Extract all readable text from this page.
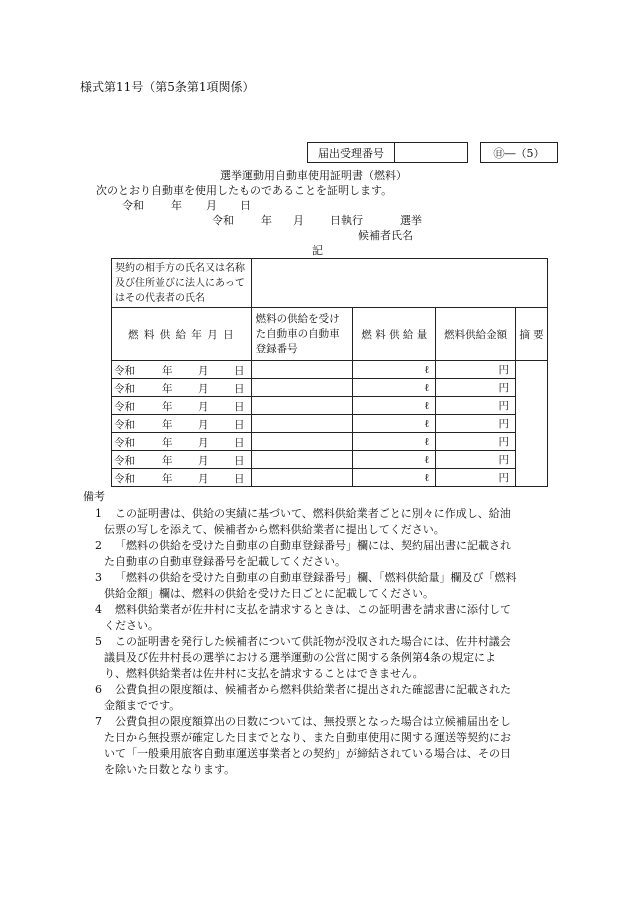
様式第11号（第5条第1項関係）
届出受理番号			㊐―（5）
選挙運動用自動車使用証明書（燃料）
次のとおり自動車を使用したものであることを証明します。
令和 年 月 日
令和 年 月 日執行	選挙
候補者氏名
記
契約の相手方の氏名又は名称及び住所並びに法人にあってはその代表者の氏名				
燃 料 供 給 年 月 日	燃料の供給を受けた自動車の自動車登録番号	燃 料 供 給 量	燃料供給金額	摘 要

令和 年 月 日		ℓ	円	

令和 年 月 日		ℓ	円	

令和 年 月 日		ℓ	円	

令和 年 月 日		ℓ	円	

令和 年 月 日		ℓ	円	

令和 年 月 日		ℓ	円	

令和 年 月 日		ℓ	円	
備考
1	この証明書は、供給の実績に基づいて、燃料供給業者ごとに別々に作成し、給油
伝票の写しを添えて、候補者から燃料供給業者に提出してください。
2	「燃料の供給を受けた自動車の自動車登録番号」欄には、契約届出書に記載され
た自動車の自動車登録番号を記載してください。
3	「燃料の供給を受けた自動車の自動車登録番号」欄、「燃料供給量」欄及び「燃料
供給金額」欄は、燃料の供給を受けた日ごとに記載してください。
4	燃料供給業者が佐井村に支払を請求するときは、この証明書を請求書に添付して
ください。
5	この証明書を発行した候補者について供託物が没収された場合には、佐井村議会
議員及び佐井村長の選挙における選挙運動の公営に関する条例第4条の規定によ
り、燃料供給業者は佐井村に支払を請求することはできません。
6	公費負担の限度額は、候補者から燃料供給業者に提出された確認書に記載された
金額までです。
7	公費負担の限度額算出の日数については、無投票となった場合は立候補届出をし
た日から無投票が確定した日までとなり、また自動車使用に関する運送等契約にお
いて「一般乗用旅客自動車運送事業者との契約」が締結されている場合は、その日
を除いた日数となります。
